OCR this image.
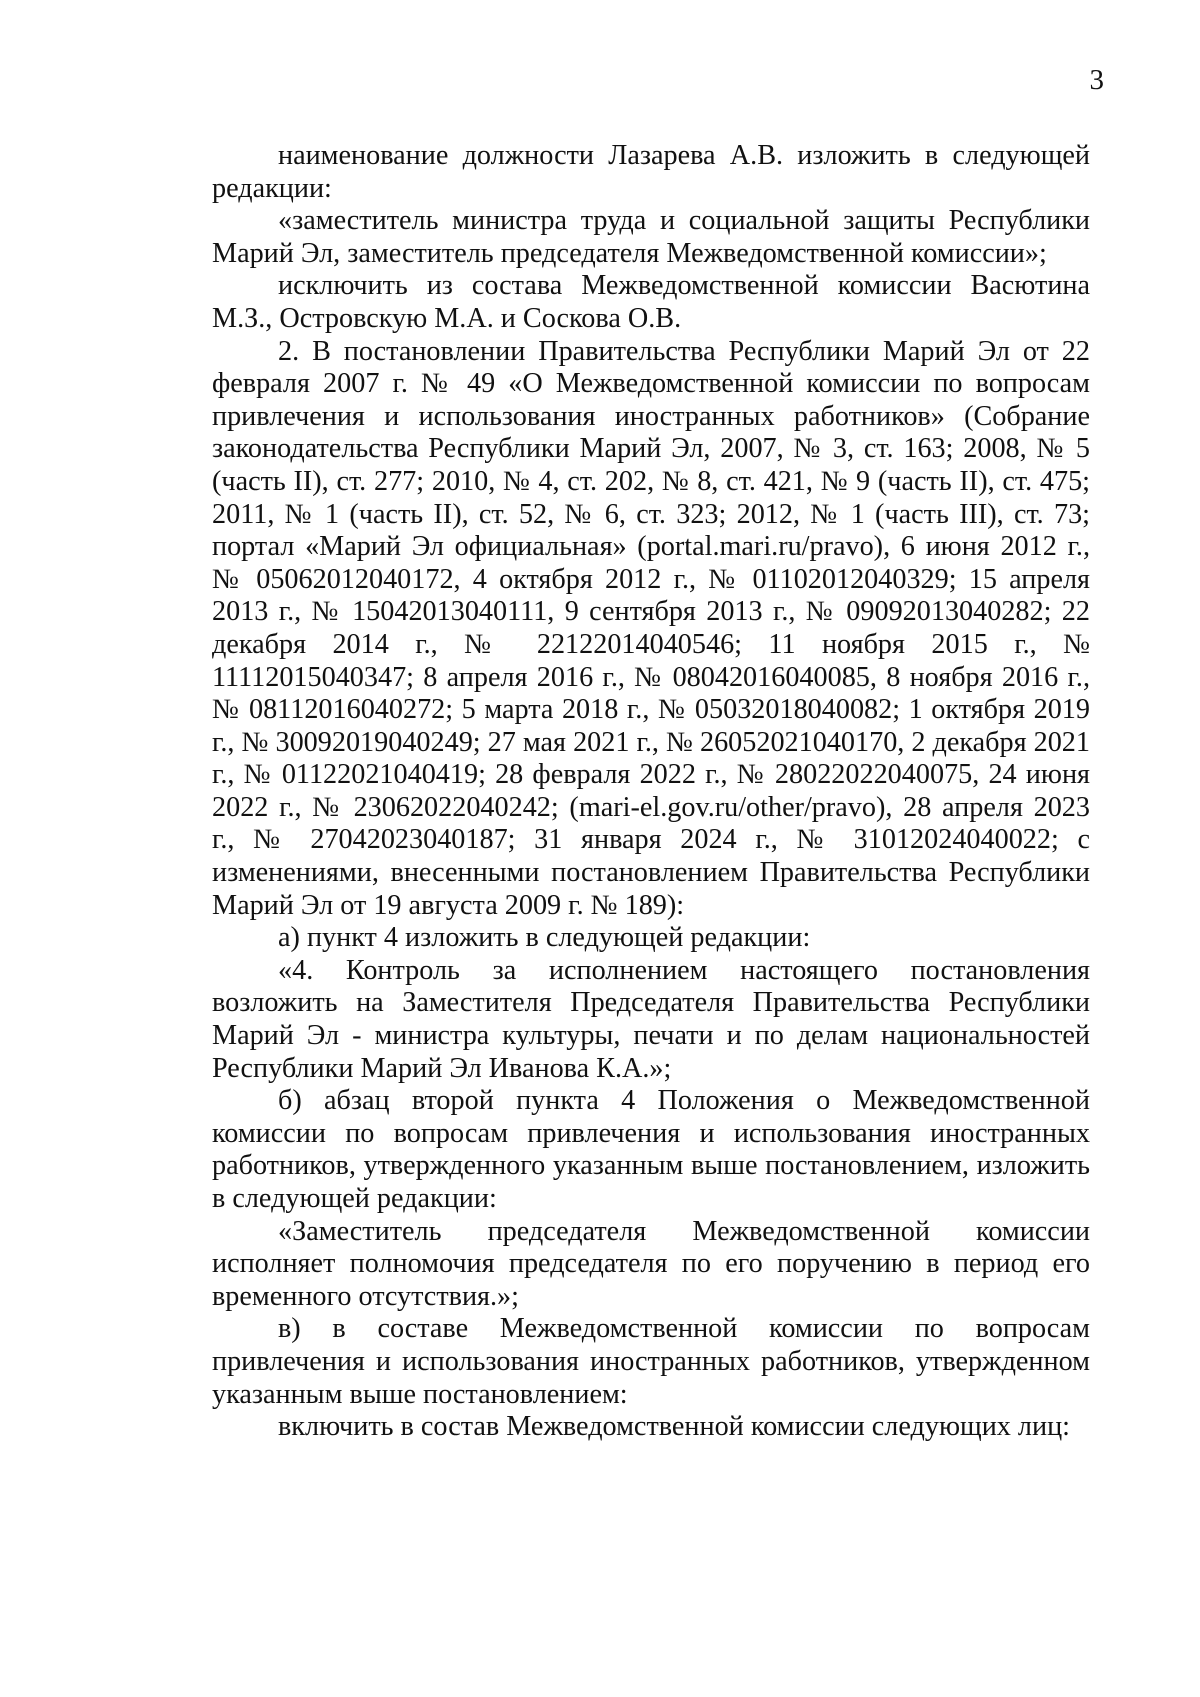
3

наименование должности Лазарева А.В. изложить в следующей редакции:

«заместитель министра труда и социальной защиты Республики Марий Эл, заместитель председателя Межведомственной комиссии»;

исключить из состава Межведомственной комиссии Васютина М.З., Островскую М.А. и Соскова О.В.

2. В постановлении Правительства Республики Марий Эл от 22 февраля 2007 г. № 49 «О Межведомственной комиссии по вопросам привлечения и использования иностранных работников» (Собрание законодательства Республики Марий Эл, 2007, № 3, ст. 163; 2008, № 5 (часть II), ст. 277; 2010, № 4, ст. 202, № 8, ст. 421, № 9 (часть II), ст. 475; 2011, № 1 (часть II), ст. 52, № 6, ст. 323; 2012, № 1 (часть III), ст. 73; портал «Марий Эл официальная» (portal.mari.ru/pravo), 6 июня 2012 г., № 05062012040172, 4 октября 2012 г., № 01102012040329; 15 апреля 2013 г., № 15042013040111, 9 сентября 2013 г., № 09092013040282; 22 декабря 2014 г., № 22122014040546; 11 ноября 2015 г., № 11112015040347; 8 апреля 2016 г., № 08042016040085, 8 ноября 2016 г., № 08112016040272; 5 марта 2018 г., № 05032018040082; 1 октября 2019 г., № 30092019040249; 27 мая 2021 г., № 26052021040170, 2 декабря 2021 г., № 01122021040419; 28 февраля 2022 г., № 28022022040075, 24 июня 2022 г., № 23062022040242; (mari-el.gov.ru/other/pravo), 28 апреля 2023 г., № 27042023040187; 31 января 2024 г., № 31012024040022; с изменениями, внесенными постановлением Правительства Республики Марий Эл от 19 августа 2009 г. № 189):

а) пункт 4 изложить в следующей редакции:

«4. Контроль за исполнением настоящего постановления возложить на Заместителя Председателя Правительства Республики Марий Эл - министра культуры, печати и по делам национальностей Республики Марий Эл Иванова К.А.»;

б) абзац второй пункта 4 Положения о Межведомственной комиссии по вопросам привлечения и использования иностранных работников, утвержденного указанным выше постановлением, изложить в следующей редакции:

«Заместитель председателя Межведомственной комиссии исполняет полномочия председателя по его поручению в период его временного отсутствия.»;

в) в составе Межведомственной комиссии по вопросам привлечения и использования иностранных работников, утвержденном указанным выше постановлением:

включить в состав Межведомственной комиссии следующих лиц:
